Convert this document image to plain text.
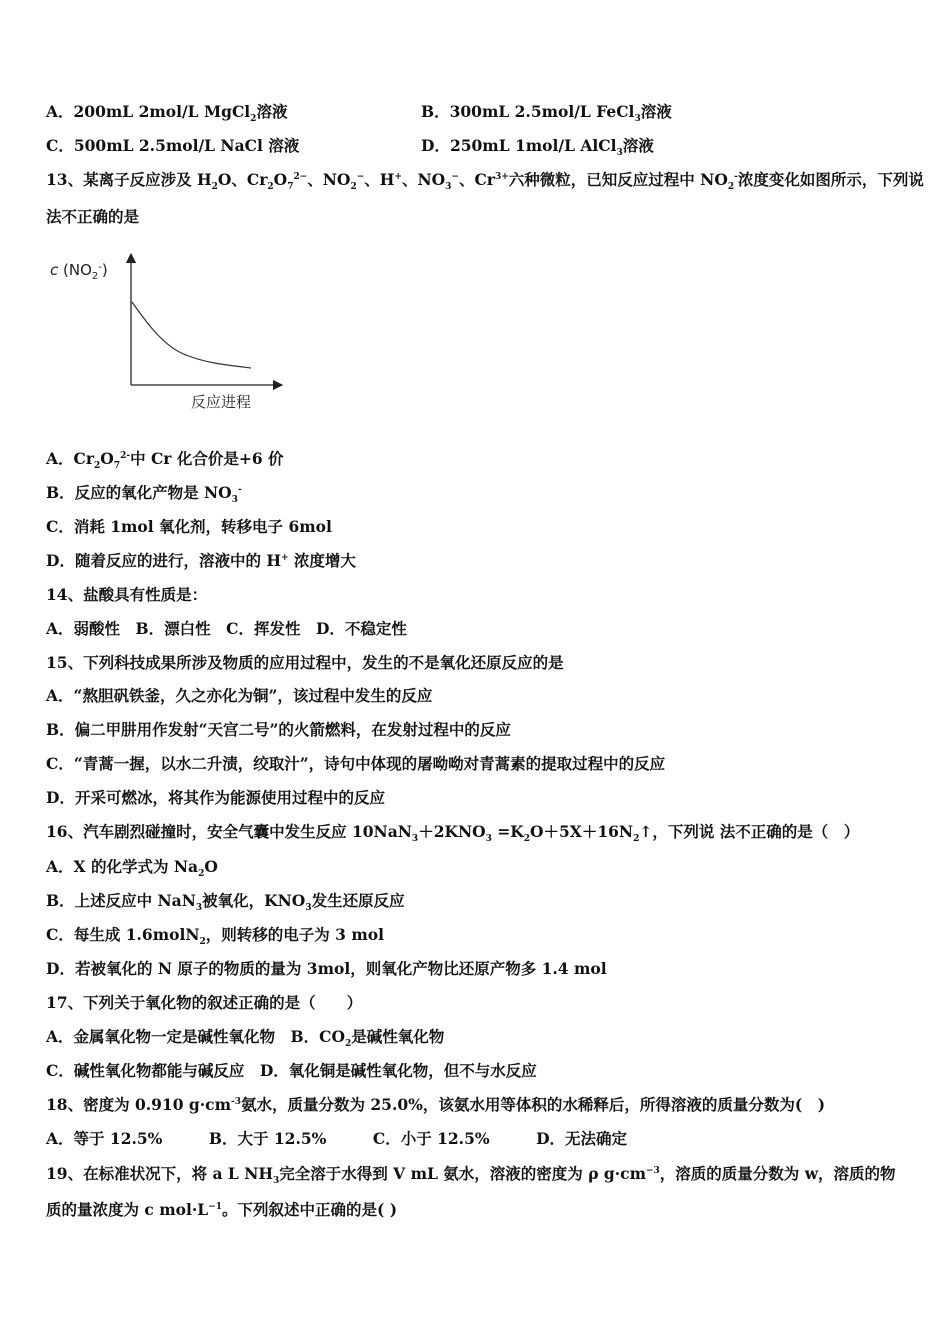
A．200mL 2mol/L MgCl$_2$溶液	B．300mL 2.5mol/L FeCl$_3$溶液
C．500mL 2.5mol/L NaCl 溶液	D．250mL 1mol/L AlCl$_3$溶液
13、某离子反应涉及 $H_2O$、$Cr_2O_7^{2-}$、$NO_2^-$、H+、$NO_3^-$、$Cr^{3+}$六种微粒，已知反应过程中 $NO_2^-$浓度变化如图所示，下列说
法不正确的是
c $(NO_2^-)$
反应进程
A．$Cr_2O_7^{2-}$中 Cr 化合价是+6 价
B．反应的氧化产物是 $NO_3^-$
C．消耗 1mol 氧化剂，转移电子 6mol
D．随着反应的进行，溶液中的 H+ 浓度增大
14、盐酸具有性质是：
A．弱酸性　B．漂白性　C．挥发性　D．不稳定性
15、下列科技成果所涉及物质的应用过程中，发生的不是氧化还原反应的是
A．“熬胆矾铁釜，久之亦化为铜”，该过程中发生的反应
B．偏二甲肼用作发射“天宫二号”的火箭燃料，在发射过程中的反应
C．“青蒿一握，以水二升渍，绞取汁”，诗句中体现的屠呦呦对青蒿素的提取过程中的反应
D．开采可燃冰，将其作为能源使用过程中的反应
16、汽车剧烈碰撞时，安全气囊中发生反应 $10NaN_3+2KNO_3$ $=K_2O+5X+16N_2↑$，下列说 法不正确的是（　）
A．X 的化学式为 $Na_2O$
B．上述反应中 NaN$_3$被氧化，$KNO_3$发生还原反应
C．每生成 1.6molN$_2$，则转移的电子为 3 mol
D．若被氧化的 N 原子的物质的量为 3mol，则氧化产物比还原产物多 1.4 mol
17、下列关于氧化物的叙述正确的是（　　）
A．金属氧化物一定是碱性氧化物　B．$CO_2$是碱性氧化物
C．碱性氧化物都能与碱反应　D．氧化铜是碱性氧化物，但不与水反应
18、密度为 0.910 $g\cdot cm^{-3}$氨水，质量分数为 25.0%，该氨水用等体积的水稀释后，所得溶液的质量分数为(　)
A．等于 12.5%　　　B．大于 12.5%　　　C．小于 12.5%　　　D．无法确定
19、在标准状况下，将 a L $NH_3$完全溶于水得到 V mL 氨水，溶液的密度为 ρ $g\cdot cm^{-3}$，溶质的质量分数为 w，溶质的物
质的量浓度为 c $mol\cdot L^{-1}$。下列叙述中正确的是( )
